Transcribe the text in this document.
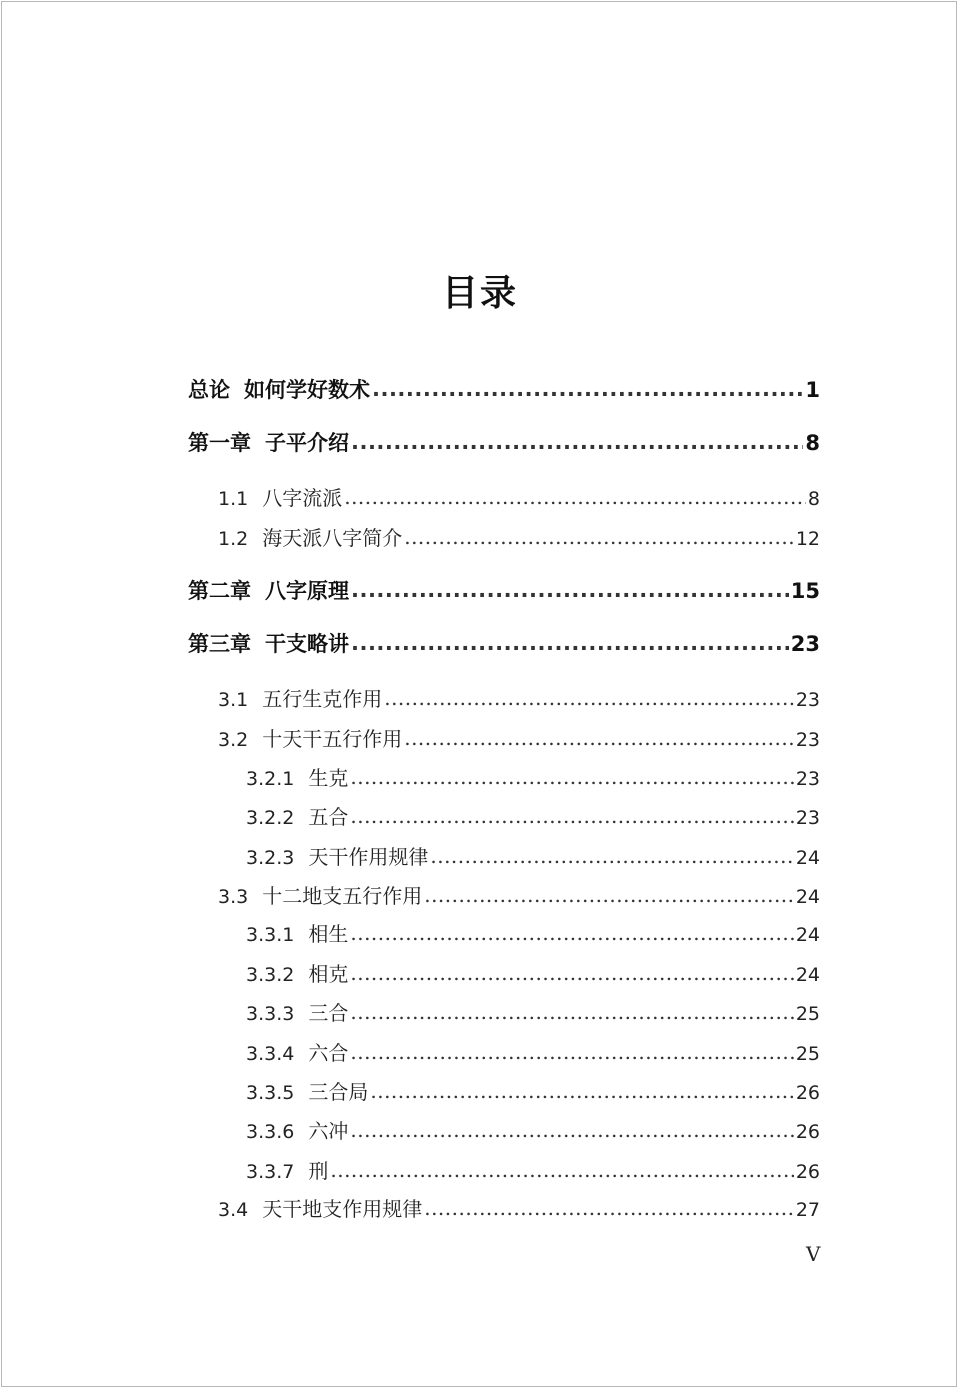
目录
总论 如何学好数术 .....	1
第一章 子平介绍 .....	8
1.1 八字流派 .....	8
1.2 海天派八字简介 .....	12
第二章 八字原理 .....	15
第三章 干支略讲 .....	23
3.1 五行生克作用 .....	23
3.2 十天干五行作用 .....	23
3.2.1 生克 .....	23
3.2.2 五合 .....	23
3.2.3 天干作用规律 .....	24
3.3 十二地支五行作用 .....	24
3.3.1 相生 .....	24
3.3.2 相克 .....	24
3.3.3 三合 .....	25
3.3.4 六合 .....	25
3.3.5 三合局 .....	26
3.3.6 六冲 .....	26
3.3.7 刑 .....	26
3.4 天干地支作用规律 .....	27
V
